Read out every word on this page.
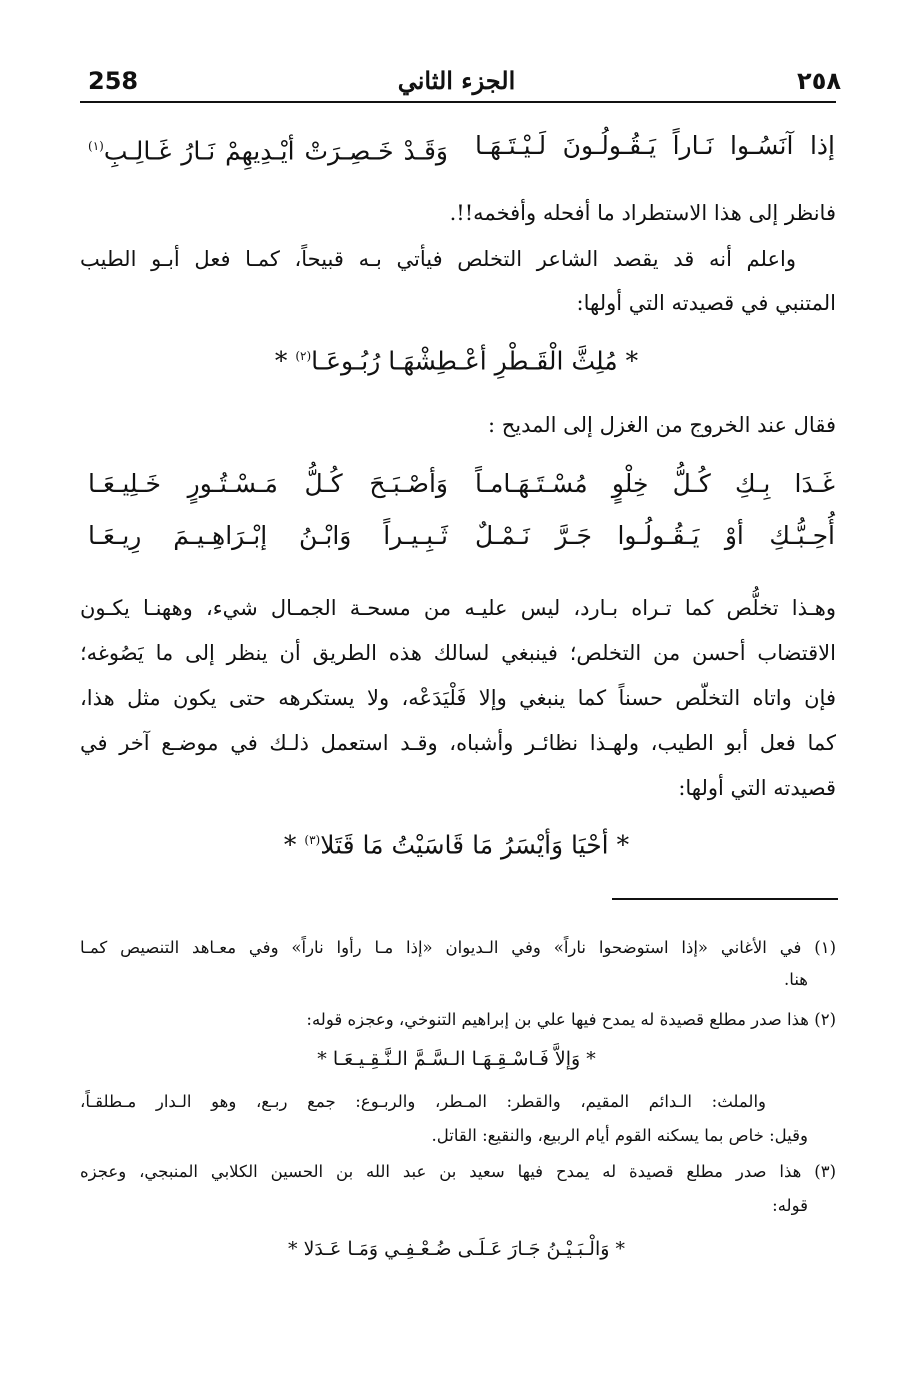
٢٥٨
الجزء الثاني
258
إذا آنَسُـوا نَـاراً يَـقُـولُـونَ لَـيْـتَـهَـا
وَقَـدْ خَـصِـرَتْ أيْـدِيهِمْ نَـارُ غَـالِـبِ$^{(١)}$
فانظر إلى هذا الاستطراد ما أفحله وأفخمه!!.
واعلم أنه قد يقصد الشاعر التخلص فيأتي بـه قبيحاً، كمـا فعل أبـو الطيب
المتنبي في قصيدته التي أولها:
* مُلِثَّ الْقَـطْرِ أعْـطِشْهَـا رُبُـوعَـا$^{(٢)}$ *
فقال عند الخروج من الغزل إلى المديح :
غَـدَا بِـكِ كُـلُّ خِلْوٍ مُسْـتَـهَـامـاً
وَأصْـبَـحَ كُـلُّ مَـسْـتُـورٍ خَـلِيـعَـا
أُحِـبُّـكِ أوْ يَـقُـولُـوا جَـرَّ نَـمْـلٌ
ثَـبِـيـراً وَابْـنُ إبْـرَاهِـيـمَ رِيـعَـا
وهـذا تخلُّص كما تـراه بـارد، ليس عليـه من مسحـة الجمـال شيء، وههنـا يكـون
الاقتضاب أحسن من التخلص؛ فينبغي لسالك هذه الطريق أن ينظر إلى ما يَصُوغه؛
فإن واتاه التخلّص حسناً كما ينبغي وإلا فَلْيَدَعْه، ولا يستكرهه حتى يكون مثل هذا،
كما فعل أبو الطيب، ولهـذا نظائـر وأشباه، وقـد استعمل ذلـك في موضـع آخر في
قصيدته التي أولها:
* أحْيَا وَأيْسَرُ مَا قَاسَيْتُ مَا قَتَلا$^{(٣)}$ *
(١) في الأغاني «إذا استوضحوا ناراً» وفي الـديوان «إذا مـا رأوا ناراً» وفي معـاهد التنصيص كمـا
هنا.
(٢) هذا صدر مطلع قصيدة له يمدح فيها علي بن إبراهيم التنوخي، وعجزه قوله:
* وَإلاَّ فَـاسْـقِـهَـا الـسَّـمَّ الـنَّـقِـيـعَـا *
والملث: الـدائم المقيم، والقطر: المـطر، والربـوع: جمع ربـع، وهو الـدار مـطلقـاً،
وقيل: خاص بما يسكنه القوم أيام الربيع، والنقيع: القاتل.
(٣) هذا صدر مطلع قصيدة له يمدح فيها سعيد بن عبد الله بن الحسين الكلابي المنبجي، وعجزه
قوله:
* وَالْـبَـيْـنُ جَـارَ عَـلَـى ضُـعْـفِـي وَمَـا عَـدَلا *
